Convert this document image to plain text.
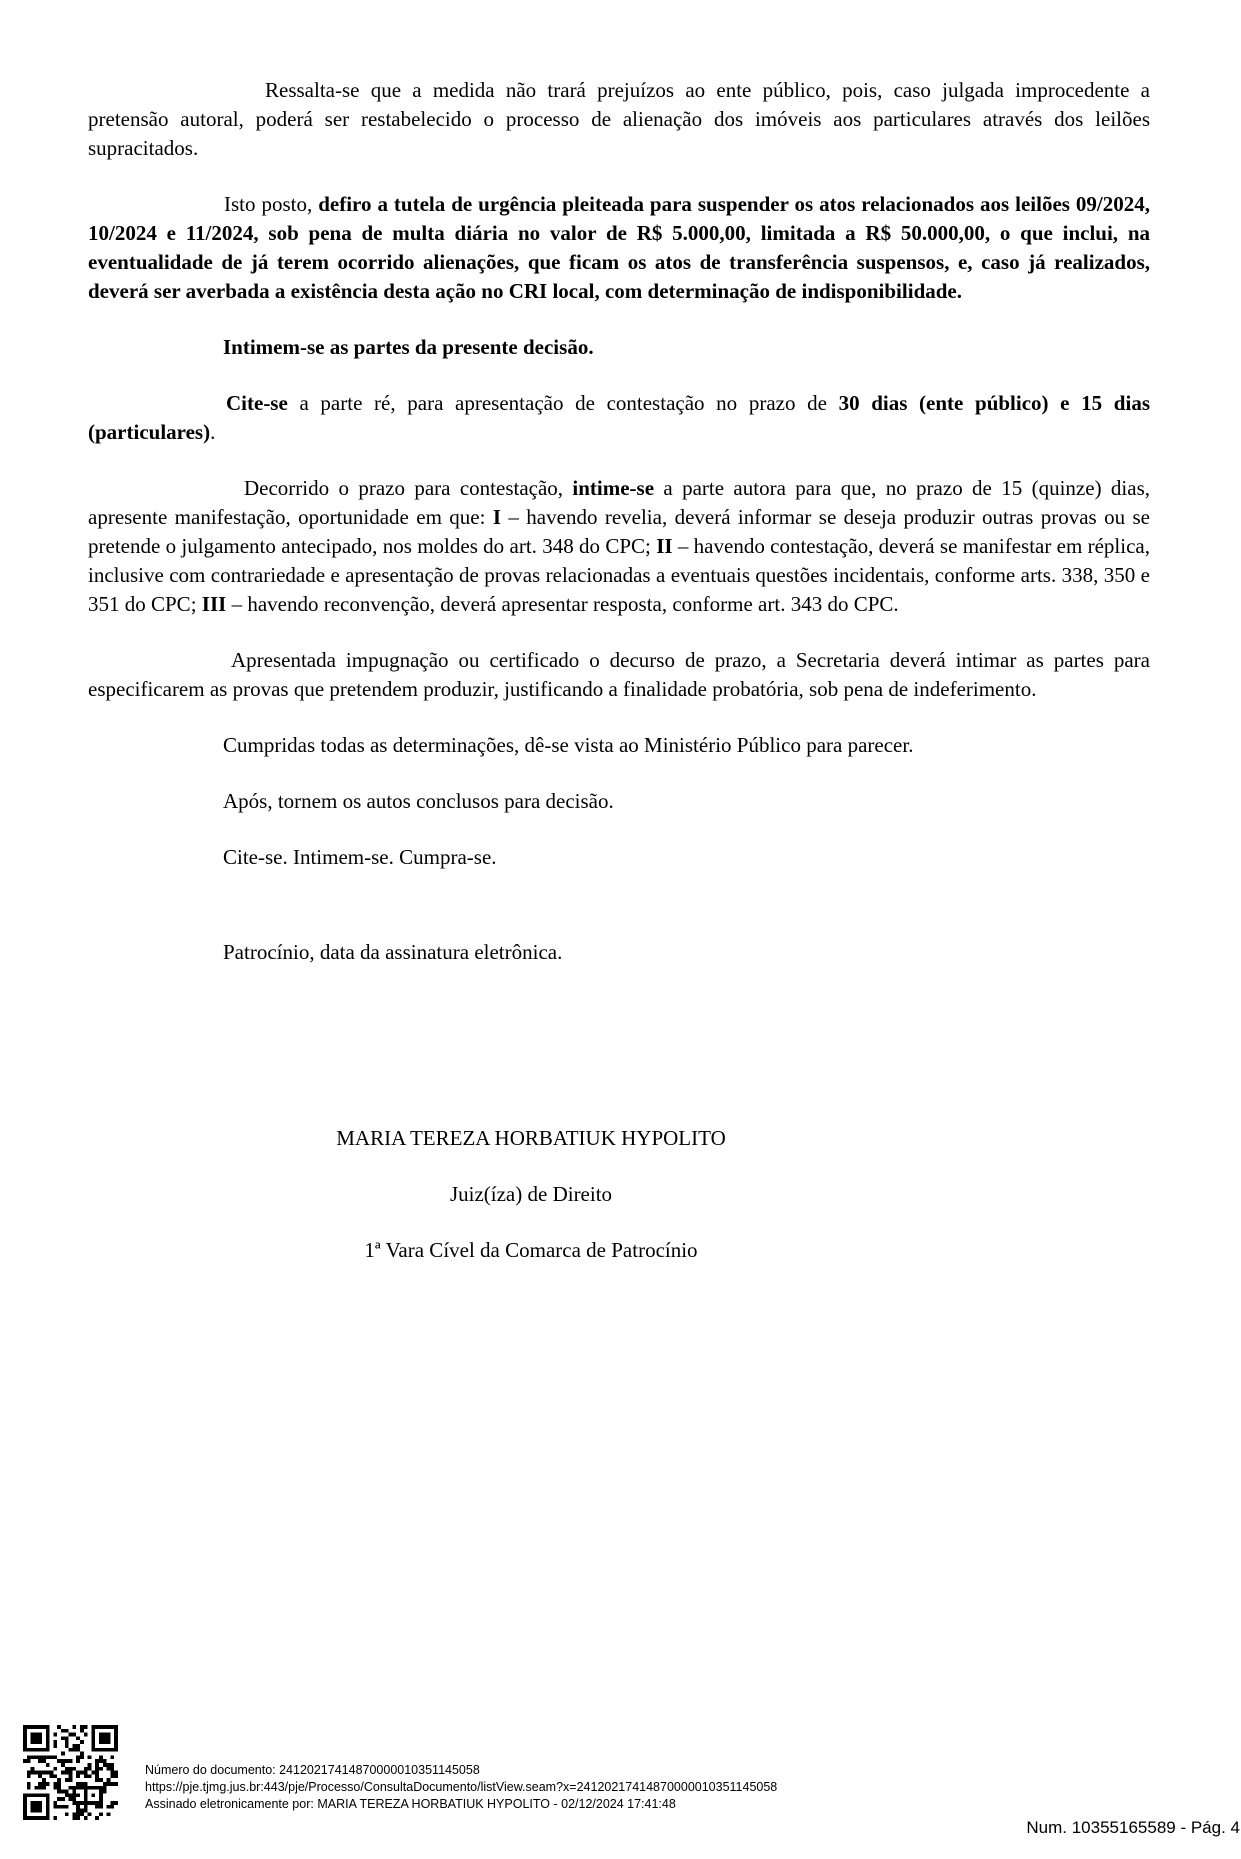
Ressalta-se que a medida não trará prejuízos ao ente público, pois, caso julgada improcedente a pretensão autoral, poderá ser restabelecido o processo de alienação dos imóveis aos particulares através dos leilões supracitados.

Isto posto, defiro a tutela de urgência pleiteada para suspender os atos relacionados aos leilões 09/2024, 10/2024 e 11/2024, sob pena de multa diária no valor de R$ 5.000,00, limitada a R$ 50.000,00, o que inclui, na eventualidade de já terem ocorrido alienações, que ficam os atos de transferência suspensos, e, caso já realizados, deverá ser averbada a existência desta ação no CRI local, com determinação de indisponibilidade.

Intimem-se as partes da presente decisão.

Cite-se a parte ré, para apresentação de contestação no prazo de 30 dias (ente público) e 15 dias (particulares).

Decorrido o prazo para contestação, intime-se a parte autora para que, no prazo de 15 (quinze) dias, apresente manifestação, oportunidade em que: I – havendo revelia, deverá informar se deseja produzir outras provas ou se pretende o julgamento antecipado, nos moldes do art. 348 do CPC; II – havendo contestação, deverá se manifestar em réplica, inclusive com contrariedade e apresentação de provas relacionadas a eventuais questões incidentais, conforme arts. 338, 350 e 351 do CPC; III – havendo reconvenção, deverá apresentar resposta, conforme art. 343 do CPC.

Apresentada impugnação ou certificado o decurso de prazo, a Secretaria deverá intimar as partes para especificarem as provas que pretendem produzir, justificando a finalidade probatória, sob pena de indeferimento.

Cumpridas todas as determinações, dê-se vista ao Ministério Público para parecer.

Após, tornem os autos conclusos para decisão.

Cite-se. Intimem-se. Cumpra-se.

Patrocínio, data da assinatura eletrônica.

MARIA TEREZA HORBATIUK HYPOLITO
Juiz(íza) de Direito
1ª Vara Cível da Comarca de Patrocínio
Número do documento: 24120217414870000010351145058
https://pje.tjmg.jus.br:443/pje/Processo/ConsultaDocumento/listView.seam?x=24120217414870000010351145058
Assinado eletronicamente por: MARIA TEREZA HORBATIUK HYPOLITO - 02/12/2024 17:41:48
Num. 10355165589 - Pág. 4
